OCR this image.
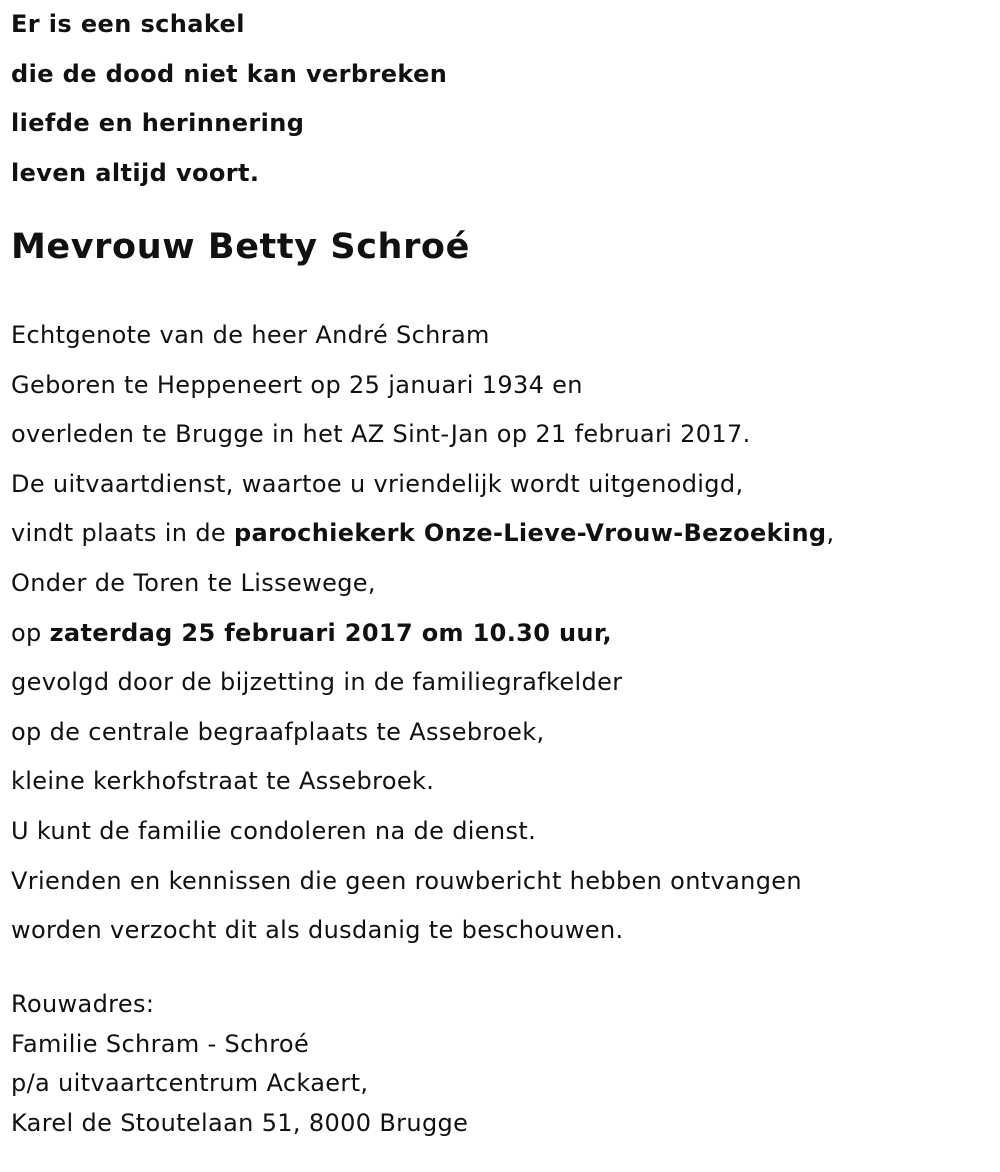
Er is een schakel
die de dood niet kan verbreken
liefde en herinnering
leven altijd voort.
Mevrouw Betty Schroé
Echtgenote van de heer André Schram
Geboren te Heppeneert op 25 januari 1934 en
overleden te Brugge in het AZ Sint-Jan op 21 februari 2017.
De uitvaartdienst, waartoe u vriendelijk wordt uitgenodigd,
vindt plaats in de parochiekerk Onze-Lieve-Vrouw-Bezoeking,
Onder de Toren te Lissewege,
op zaterdag 25 februari 2017 om 10.30 uur,
gevolgd door de bijzetting in de familiegrafkelder
op de centrale begraafplaats te Assebroek,
kleine kerkhofstraat te Assebroek.
U kunt de familie condoleren na de dienst.
Vrienden en kennissen die geen rouwbericht hebben ontvangen
worden verzocht dit als dusdanig te beschouwen.
Rouwadres:
Familie Schram - Schroé
p/a uitvaartcentrum Ackaert,
Karel de Stoutelaan 51, 8000 Brugge
